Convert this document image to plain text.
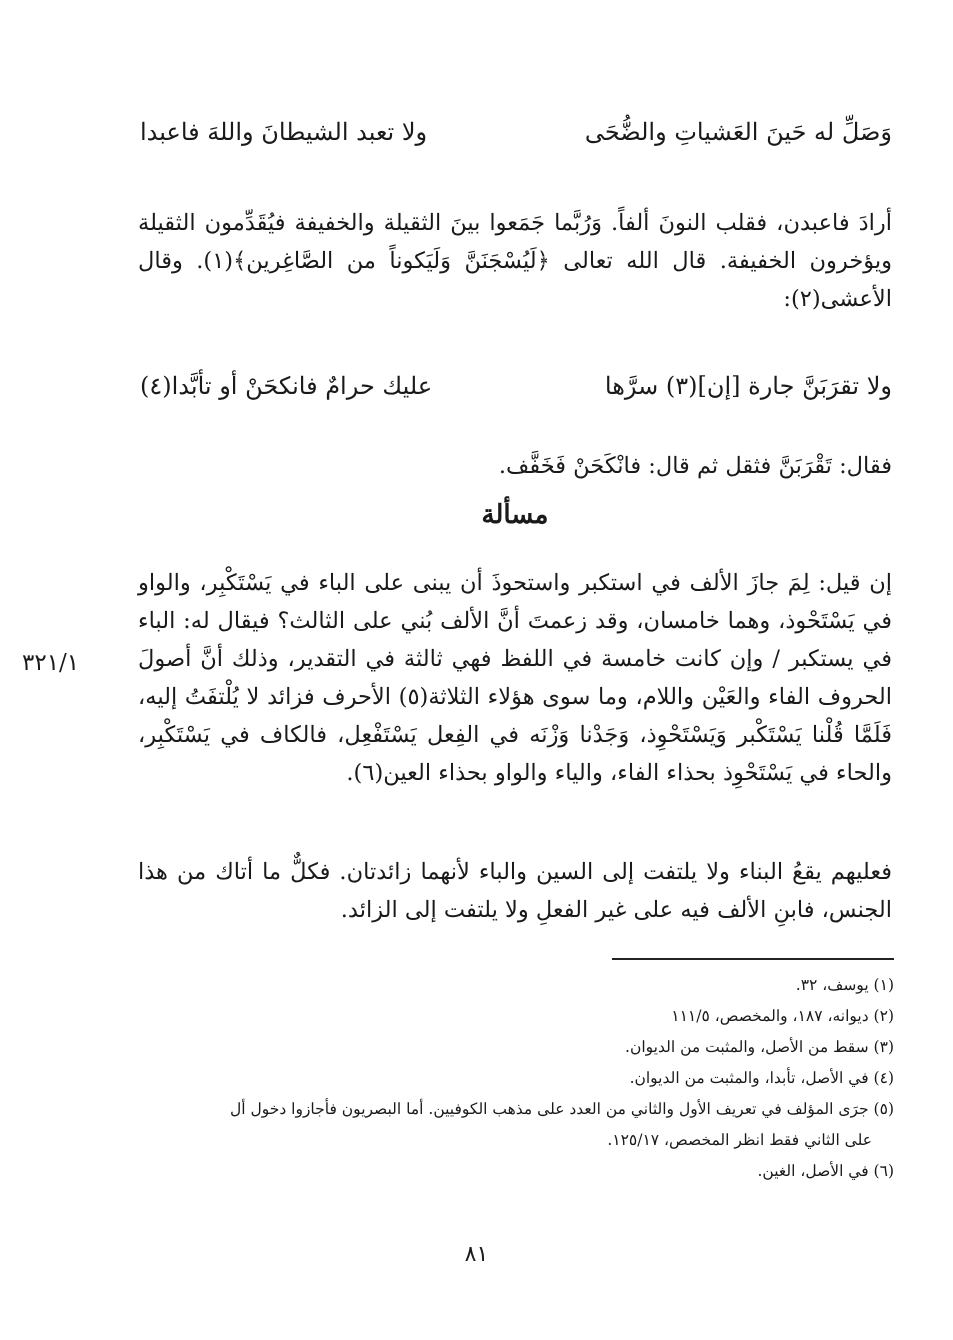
وَصَلِّ له حَينَ العَشياتِ والضُّحَى
ولا تعبد الشيطانَ واللهَ فاعبدا

أرادَ فاعبدن، فقلب النونَ ألفاً. وَرُبَّما جَمَعوا بينَ الثقيلة والخفيفة فيُقَدِّمون الثقيلة ويؤخرون الخفيفة. قال الله تعالى ﴿لَيُسْجَنَنَّ وَلَيَكوناً من الصَّاغِرين﴾(١). وقال الأعشى(٢):

ولا تقرَبَنَّ جارة [إن](٣) سرَّها
عليك حرامٌ فانكحَنْ أو تأبَّدا(٤)

فقال: تَقْرَبَنَّ فثقل ثم قال: فانْكَحَنْ فَخَفَّف.

مسألة

إن قيل: لِمَ جازَ الألف في استكبر واستحوذَ أن يبنى على الباء في يَسْتَكْبِر، والواو في يَسْتَحْوذ، وهما خامسان، وقد زعمتَ أنَّ الألف بُني على الثالث؟ فيقال له: الباء في يستكبر / وإن كانت خامسة في اللفظ فهي ثالثة في التقدير، وذلك أنَّ أصولَ الحروف الفاء والعَيْن واللام، وما سوى هؤلاء الثلاثة(٥) الأحرف فزائد لا يُلْتفَتُ إليه، فَلَمَّا قُلْنا يَسْتَكْبر وَيَسْتَحْوِذ، وَجَدْنا وَزْنَه في الفِعل يَسْتَفْعِل، فالكاف في يَسْتَكْبِر، والحاء في يَسْتَحْوِذ بحذاء الفاء، والياء والواو بحذاء العين(٦).

٣٢١/١

فعليهم يقعُ البناء ولا يلتفت إلى السين والباء لأنهما زائدتان. فكلٌّ ما أتاك من هذا الجنس، فابنِ الألف فيه على غير الفعلِ ولا يلتفت إلى الزائد.

(١) يوسف، ٣٢.
(٢) ديوانه، ١٨٧، والمخصص، ١١١/٥
(٣) سقط من الأصل، والمثبت من الديوان.
(٤) في الأصل، تأبدا، والمثبت من الديوان.
(٥) جرَى المؤلف في تعريف الأول والثاني من العدد على مذهب الكوفيين. أما البصريون فأجازوا دخول أل
على الثاني فقط انظر المخصص، ١٢٥/١٧.
(٦) في الأصل، الغين.
٨١
